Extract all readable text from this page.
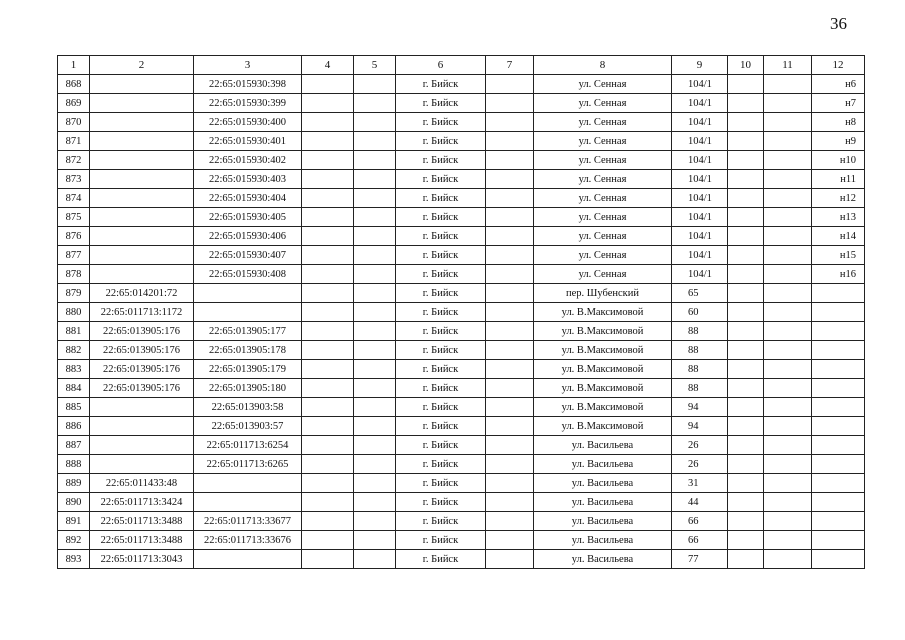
36
1	2	3	4	5	6	7	8	9	10	11	12
868		22:65:015930:398			г. Бийск		ул. Сенная	104/1			н6
869		22:65:015930:399			г. Бийск		ул. Сенная	104/1			н7
870		22:65:015930:400			г. Бийск		ул. Сенная	104/1			н8
871		22:65:015930:401			г. Бийск		ул. Сенная	104/1			н9
872		22:65:015930:402			г. Бийск		ул. Сенная	104/1			н10
873		22:65:015930:403			г. Бийск		ул. Сенная	104/1			н11
874		22:65:015930:404			г. Бийск		ул. Сенная	104/1			н12
875		22:65:015930:405			г. Бийск		ул. Сенная	104/1			н13
876		22:65:015930:406			г. Бийск		ул. Сенная	104/1			н14
877		22:65:015930:407			г. Бийск		ул. Сенная	104/1			н15
878		22:65:015930:408			г. Бийск		ул. Сенная	104/1			н16
879	22:65:014201:72				г. Бийск		пер. Шубенский	65			
880	22:65:011713:1172				г. Бийск		ул. В.Максимовой	60			
881	22:65:013905:176	22:65:013905:177			г. Бийск		ул. В.Максимовой	88			
882	22:65:013905:176	22:65:013905:178			г. Бийск		ул. В.Максимовой	88			
883	22:65:013905:176	22:65:013905:179			г. Бийск		ул. В.Максимовой	88			
884	22:65:013905:176	22:65:013905:180			г. Бийск		ул. В.Максимовой	88			
885		22:65:013903:58			г. Бийск		ул. В.Максимовой	94			
886		22:65:013903:57			г. Бийск		ул. В.Максимовой	94			
887		22:65:011713:6254			г. Бийск		ул. Васильева	26			
888		22:65:011713:6265			г. Бийск		ул. Васильева	26			
889	22:65:011433:48				г. Бийск		ул. Васильева	31			
890	22:65:011713:3424				г. Бийск		ул. Васильева	44			
891	22:65:011713:3488	22:65:011713:33677			г. Бийск		ул. Васильева	66			
892	22:65:011713:3488	22:65:011713:33676			г. Бийск		ул. Васильева	66			
893	22:65:011713:3043				г. Бийск		ул. Васильева	77			
